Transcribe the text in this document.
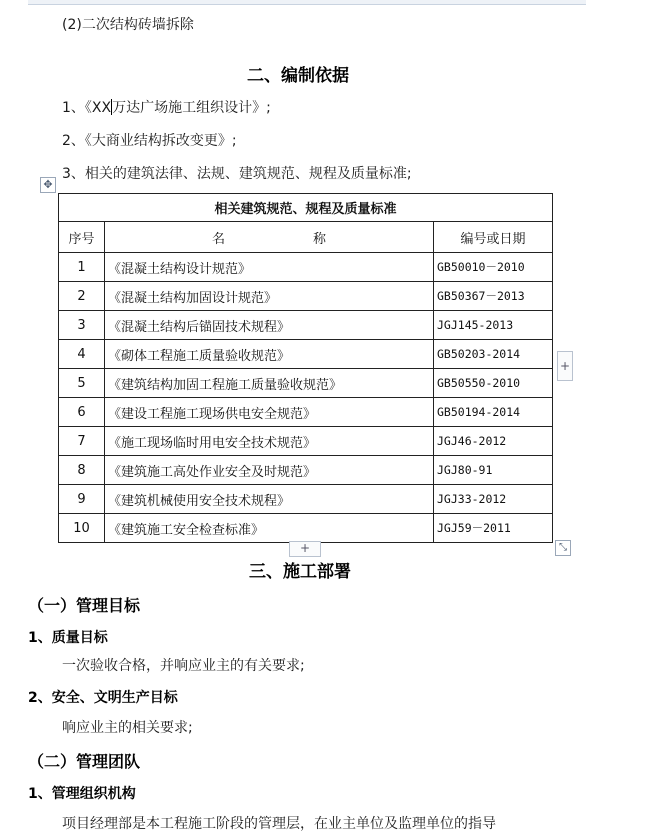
(2)二次结构砖墙拆除
二、编制依据
1、《XX万达广场施工组织设计》;
2、《大商业结构拆改变更》;
3、相关的建筑法律、法规、建筑规范、规程及质量标准;
✥
相关建筑规范、规程及质量标准		
序号	名 称	编号或日期
1	《混凝土结构设计规范》	GB50010－2010
2	《混凝土结构加固设计规范》	GB50367－2013
3	《混凝土结构后锚固技术规程》	JGJ145-2013
4	《砌体工程施工质量验收规范》	GB50203-2014
5	《建筑结构加固工程施工质量验收规范》	GB50550-2010
6	《建设工程施工现场供电安全规范》	GB50194-2014
7	《施工现场临时用电安全技术规范》	JGJ46-2012
8	《建筑施工高处作业安全及时规范》	JGJ80-91
9	《建筑机械使用安全技术规程》	JGJ33-2012
10	《建筑施工安全检查标准》	JGJ59－2011
+
+	⤡
三、施工部署
（一）管理目标
1、质量目标
一次验收合格，并响应业主的有关要求;
2、安全、文明生产目标
响应业主的相关要求;
（二）管理团队
1、管理组织机构
项目经理部是本工程施工阶段的管理层，在业主单位及监理单位的指导
